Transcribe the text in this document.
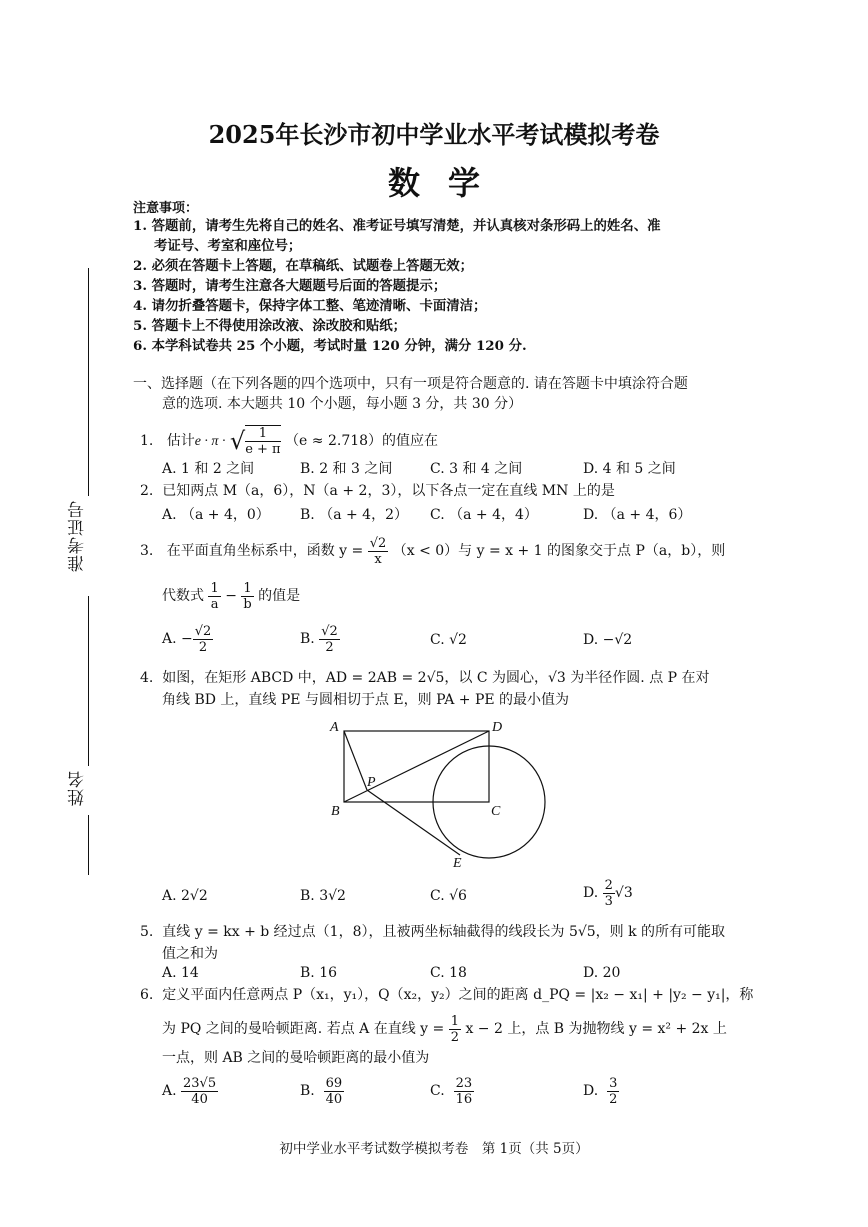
2025年长沙市初中学业水平考试模拟考卷
数学
准考证号
姓名
注意事项：
1. 答题前，请考生先将自己的姓名、准考证号填写清楚，并认真核对条形码上的姓名、准
考证号、考室和座位号；
2. 必须在答题卡上答题，在草稿纸、试题卷上答题无效；
3. 答题时，请考生注意各大题题号后面的答题提示；
4. 请勿折叠答题卡，保持字体工整、笔迹清晰、卡面清洁；
5. 答题卡上不得使用涂改液、涂改胶和贴纸；
6. 本学科试卷共 25 个小题，考试时量 120 分钟，满分 120 分.
一、选择题（在下列各题的四个选项中，只有一项是符合题意的. 请在答题卡中填涂符合题
意的选项. 本大题共 10 个小题，每小题 3 分，共 30 分）
1. 估计e · π · √ $\frac{1}{e + \pi} (e \approx 2.718)$的值应在
A. 1 和 2 之间	B. 2 和 3 之间	C. 3 和 4 之间	D. 4 和 5 之间
2. 已知两点 M（a，6），N（a + 2，3），以下各点一定在直线 MN 上的是
A. （a + 4，0） B. （a + 4，2） C. （a + 4，4）	D. （a + 4，6）
3. 在平面直角坐标系中，函数 $y = \frac{√2}{x} (x < 0)$与 y = x + 1 的图象交于点 P（a，b），则
代数式 $\frac{1}{a} - \frac{1}{b}$ 的值是
A. − $\frac{√2}{2}$	B. $\frac{√2}{2}$	C. √2	D. −√2
4. 如图，在矩形 ABCD 中，AD = 2AB = 2√5，以 C 为圆心，√3 为半径作圆. 点 P 在对
角线 BD 上，直线 PE 与圆相切于点 E，则 PA + PE 的最小值为
A	D
P
B	C
E
A. 2√2	B. 3√2	C. √6	D. $\frac{2}{3} √3$
5. 直线 y = kx + b 经过点（1，8），且被两坐标轴截得的线段长为 5√5，则 k 的所有可能取
值之和为
A. 14	B. 16	C. 18	D. 20
6. 定义平面内任意两点 P（x₁，y₁），Q（x₂，y₂）之间的距离 d_PQ = |x₂ − x₁| + |y₂ − y₁|，称
为 PQ 之间的曼哈顿距离. 若点 A 在直线 $y = \frac{1}{2}$ x − 2 上，点 B 为抛物线 y = x² + 2x 上
一点，则 AB 之间的曼哈顿距离的最小值为
A. $\frac{23√5}{40}$	B. $\frac{69}{40}$	C. $\frac{23}{16}$	D. $\frac{3}{2}$
初中学业水平考试数学模拟考卷　第 1页（共 5页）
